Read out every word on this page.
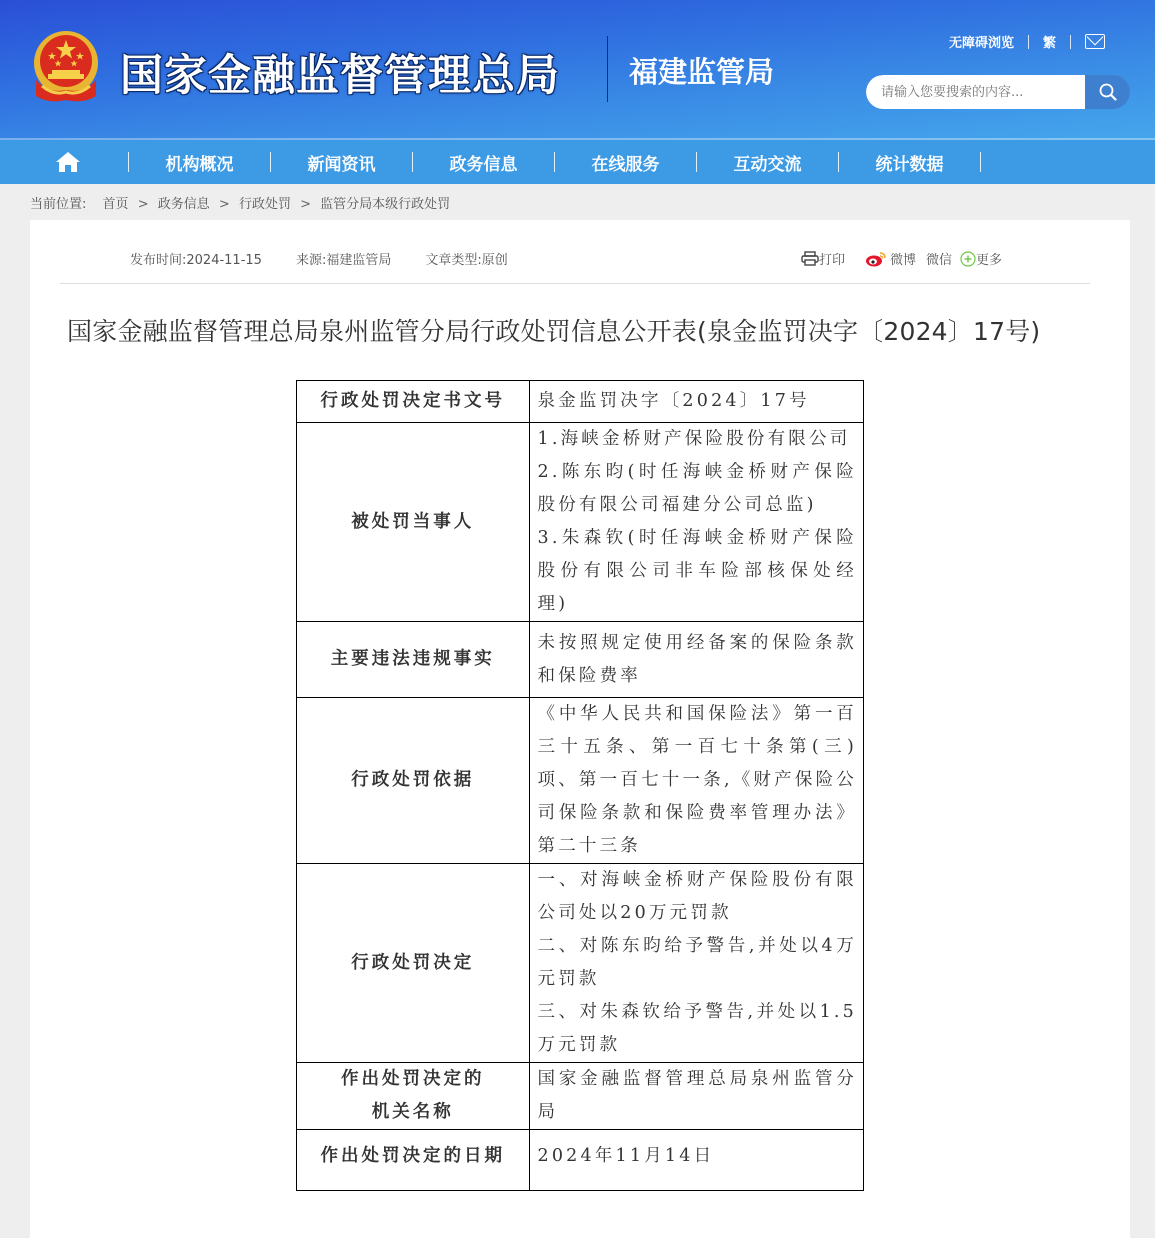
国家金融监督管理总局 福建监管局
无障碍浏览 繁
请输入您要搜索的内容...
机构概况	新闻资讯	政务信息	在线服务	互动交流	统计数据
当前位置: 首页 > 政务信息 > 行政处罚 > 监管分局本级行政处罚
发布时间:2024-11-15	来源:福建监管局	文章类型:原创	打印	微博 微信 更多
国家金融监督管理总局泉州监管分局行政处罚信息公开表(泉金监罚决字〔2024〕17号)
行政处罚决定书文号	泉金监罚决字〔2024〕17号

被处罚当事人	1.海峡金桥财产保险股份有限公司
2.陈东昀(时任海峡金桥财产保险股份有限公司福建分公司总监)
3.朱森钦(时任海峡金桥财产保险股份有限公司非车险部核保处经理)

主要违法违规事实	未按照规定使用经备案的保险条款和保险费率

行政处罚依据	《中华人民共和国保险法》第一百三十五条、第一百七十条第(三)项、第一百七十一条,《财产保险公司保险条款和保险费率管理办法》第二十三条

行政处罚决定	一、对海峡金桥财产保险股份有限公司处以20万元罚款
二、对陈东昀给予警告,并处以4万元罚款
三、对朱森钦给予警告,并处以1.5万元罚款

作出处罚决定的
机关名称	国家金融监督管理总局泉州监管分局

作出处罚决定的日期	2024年11月14日
